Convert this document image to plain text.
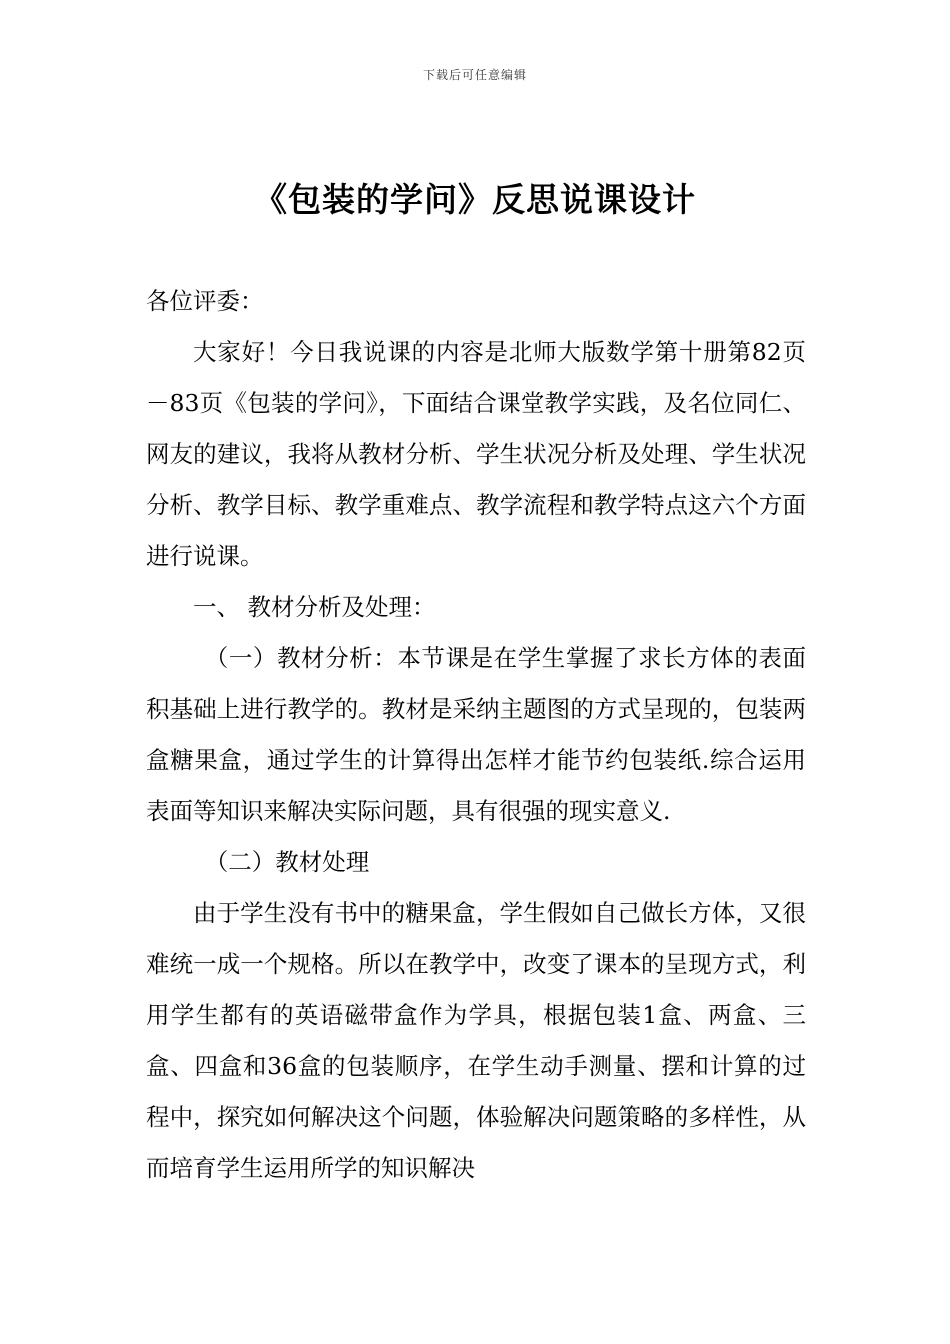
下载后可任意编辑
《包装的学问》反思说课设计

各位评委：

大家好！今日我说课的内容是北师大版数学第十册第82页－83页《包装的学问》，下面结合课堂教学实践，及名位同仁、网友的建议，我将从教材分析、学生状况分析及处理、学生状况分析、教学目标、教学重难点、教学流程和教学特点这六个方面进行说课。

一、 教材分析及处理：

（一）教材分析：本节课是在学生掌握了求长方体的表面积基础上进行教学的。教材是采纳主题图的方式呈现的，包装两盒糖果盒，通过学生的计算得出怎样才能节约包装纸.综合运用表面等知识来解决实际问题，具有很强的现实意义.

（二）教材处理

由于学生没有书中的糖果盒，学生假如自己做长方体，又很难统一成一个规格。所以在教学中，改变了课本的呈现方式，利用学生都有的英语磁带盒作为学具，根据包装1盒、两盒、三盒、四盒和36盒的包装顺序，在学生动手测量、摆和计算的过程中，探究如何解决这个问题，体验解决问题策略的多样性，从而培育学生运用所学的知识解决
